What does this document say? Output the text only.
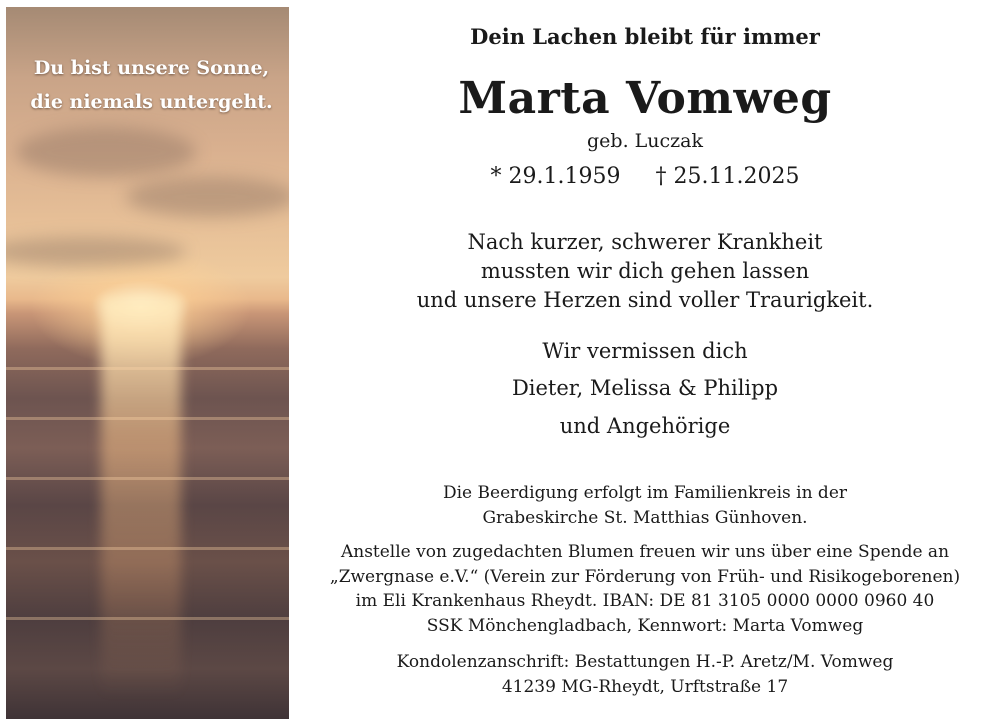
Du bist unsere Sonne,
die niemals untergeht.
Dein Lachen bleibt für immer
Marta Vomweg
geb. Luczak
* 29.1.1959 † 25.11.2025
Nach kurzer, schwerer Krankheit
mussten wir dich gehen lassen
und unsere Herzen sind voller Traurigkeit.
Wir vermissen dich
Dieter, Melissa & Philipp
und Angehörige
Die Beerdigung erfolgt im Familienkreis in der
Grabeskirche St. Matthias Günhoven.
Anstelle von zugedachten Blumen freuen wir uns über eine Spende an
„Zwergnase e.V.“ (Verein zur Förderung von Früh- und Risikogeborenen)
im Eli Krankenhaus Rheydt. IBAN: DE 81 3105 0000 0000 0960 40
SSK Mönchengladbach, Kennwort: Marta Vomweg
Kondolenzanschrift: Bestattungen H.-P. Aretz/M. Vomweg
41239 MG-Rheydt, Urftstraße 17
